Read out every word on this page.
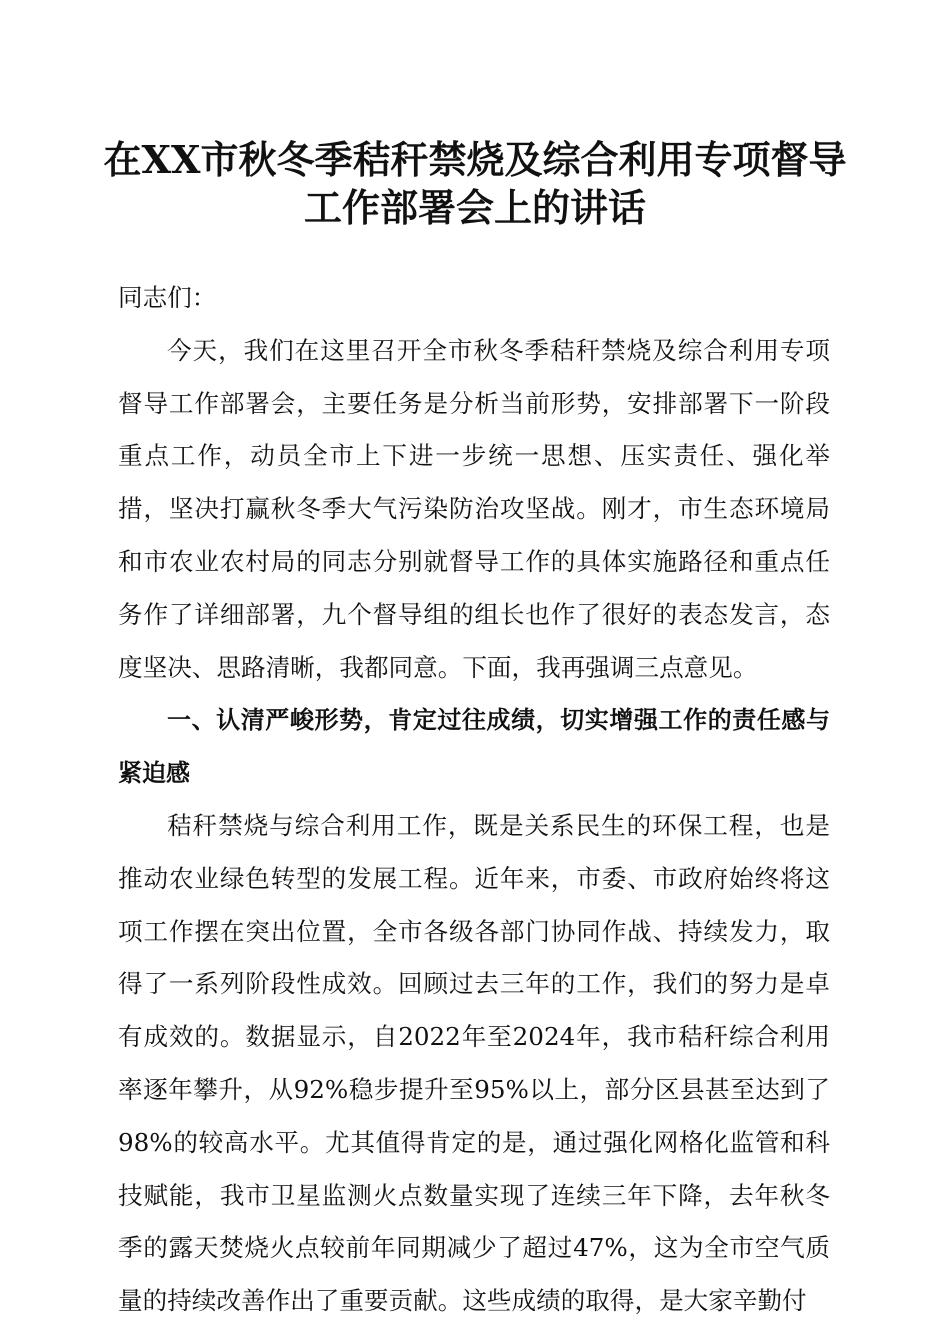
在XX市秋冬季秸秆禁烧及综合利用专项督导
工作部署会上的讲话

同志们：

今天，我们在这里召开全市秋冬季秸秆禁烧及综合利用专项督导工作部署会，主要任务是分析当前形势，安排部署下一阶段重点工作，动员全市上下进一步统一思想、压实责任、强化举措，坚决打赢秋冬季大气污染防治攻坚战。刚才，市生态环境局和市农业农村局的同志分别就督导工作的具体实施路径和重点任务作了详细部署，九个督导组的组长也作了很好的表态发言，态度坚决、思路清晰，我都同意。下面，我再强调三点意见。

一、认清严峻形势，肯定过往成绩，切实增强工作的责任感与紧迫感

秸秆禁烧与综合利用工作，既是关系民生的环保工程，也是推动农业绿色转型的发展工程。近年来，市委、市政府始终将这项工作摆在突出位置，全市各级各部门协同作战、持续发力，取得了一系列阶段性成效。回顾过去三年的工作，我们的努力是卓有成效的。数据显示，自2022年至2024年，我市秸秆综合利用率逐年攀升，从92%稳步提升至95%以上，部分区县甚至达到了98%的较高水平。尤其值得肯定的是，通过强化网格化监管和科技赋能，我市卫星监测火点数量实现了连续三年下降，去年秋冬季的露天焚烧火点较前年同期减少了超过47%，这为全市空气质量的持续改善作出了重要贡献。这些成绩的取得，是大家辛勤付
